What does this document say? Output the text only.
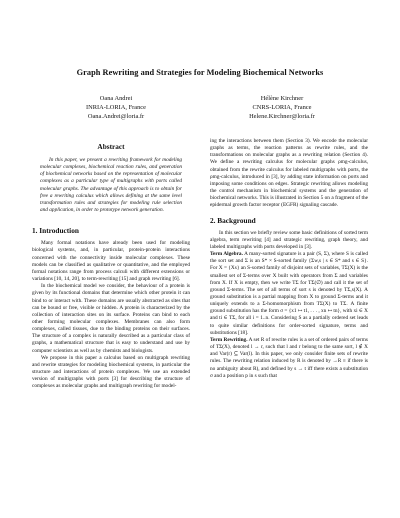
Graph Rewriting and Strategies for Modeling Biochemical Networks
Oana Andrei
INRIA-LORIA, France
Oana.Andrei@loria.fr
Hélène Kirchner
CNRS-LORIA, France
Helene.Kirchner@loria.fr
Abstract

In this paper, we present a rewriting framework for modeling molecular complexes, biochemical reaction rules, and generation of biochemical networks based on the representation of molecular complexes as a particular type of multigraphs with ports called molecular graphs. The advantage of this approach is to obtain for free a rewriting calculus which allows defining at the same level transformation rules and strategies for modeling rule selection and application, in order to prototype network generation.

1. Introduction

Many formal notations have already been used for modeling biological systems, and, in particular, protein-protein interactions concerned with the connectivity inside molecular complexes. These models can be classified as qualitative or quantitative, and the employed formal notations range from process calculi with different extensions or variations [10, 14, 20], to term-rewriting [15] and graph rewriting [6].

In the biochemical model we consider, the behaviour of a protein is given by its functional domains that determine which other protein it can bind to or interact with. These domains are usually abstracted as sites that can be bound or free, visible or hidden. A protein is characterized by the collection of interaction sites on its surface. Proteins can bind to each other forming molecular complexes. Membranes can also form complexes, called tissues, due to the binding proteins on their surfaces. The structure of a complex is naturally described as a particular class of graphs, a mathematical structure that is easy to understand and use by computer scientists as well as by chemists and biologists.

We propose in this paper a calculus based on multigraph rewriting and rewrite strategies for modeling biochemical systems, in particular the structure and interactions of protein complexes. We use an extended version of multigraphs with ports [3] for describing the structure of complexes as molecular graphs and multigraph rewriting for model-

ing the interactions between them (Section 3). We encode the molecular graphs as terms, the reaction patterns as rewrite rules, and the transformations on molecular graphs as a rewriting relation (Section 4). We define a rewriting calculus for molecular graphs ρmg-calculus, obtained from the rewrite calculus for labeled multigraphs with ports, the ρmg-calculus, introduced in [3], by adding state information on ports and imposing some conditions on edges. Strategic rewriting allows modeling the control mechanism in biochemical systems and the generation of biochemical networks. This is illustrated in Section 5 on a fragment of the epidermal growth factor receptor (EGFR) signaling cascade.

2. Background

In this section we briefly review some basic definitions of sorted term algebra, term rewriting [4] and strategic rewriting, graph theory, and labeled multigraphs with ports developed in [3].

Term Algebra. A many-sorted signature is a pair (S, Σ), where S is called the sort set and Σ is an S* × S-sorted family {Σw,s | s ∈ S* and s ∈ S}. For X = {Xs} an S-sorted family of disjoint sets of variables, TΣ(X) is the smallest set of Σ-terms over X built with operators from Σ and variables from X. If X is empty, then we write TΣ for TΣ(∅) and call it the set of ground Σ-terms. The set of all terms of sort s is denoted by TΣ,s(X). A ground substitution is a partial mapping from X to ground Σ-terms and it uniquely extends to a Σ-homomorphism from TΣ(X) to TΣ. A finite ground substitution has the form σ = {x1 ↦ t1, . . . , xn ↦ tn}, with xi ∈ X and ti ∈ TΣ, for all i = 1..n. Considering S as a partially ordered set leads to quite similar definitions for order-sorted signature, terms and substitutions [18].

Term Rewriting. A set R of rewrite rules is a set of ordered pairs of terms of TΣ(X), denoted l → r, such that l and r belong to the same sort, l ∉ X and Var(r) ⊆ Var(l). In this paper, we only consider finite sets of rewrite rules. The rewriting relation induced by R is denoted by →R ≡ if there is no ambiguity about R), and defined by s → t iff there exists a substitution σ and a position p in s such that
